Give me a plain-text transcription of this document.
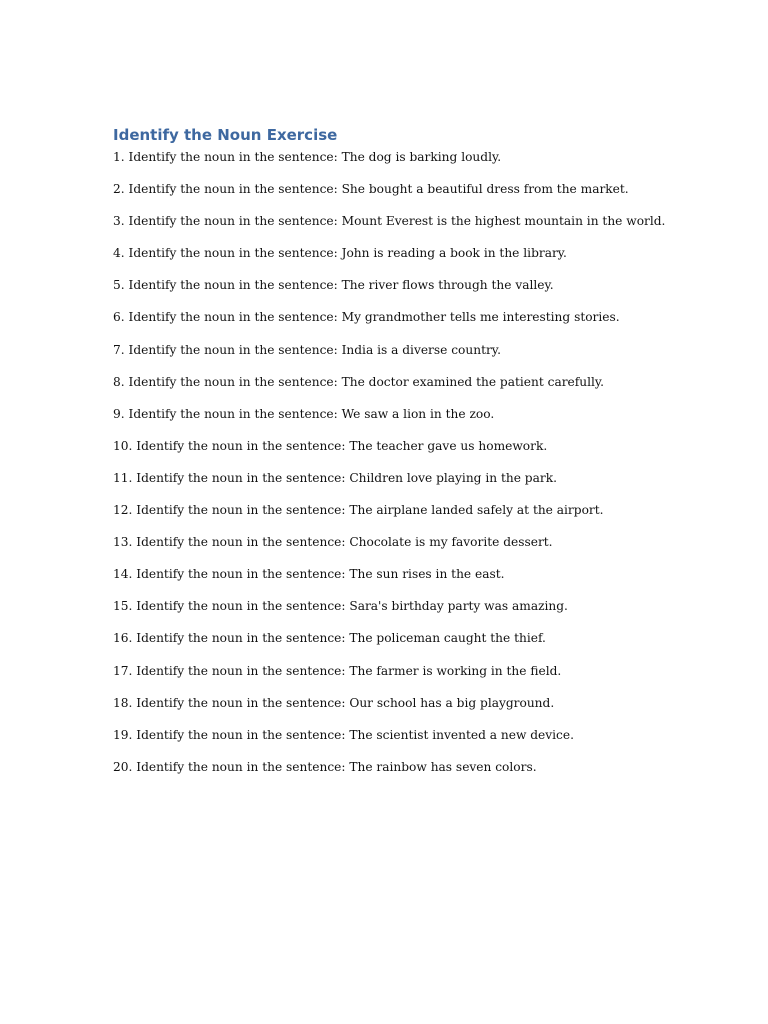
Identify the Noun Exercise
1. Identify the noun in the sentence: The dog is barking loudly.
2. Identify the noun in the sentence: She bought a beautiful dress from the market.
3. Identify the noun in the sentence: Mount Everest is the highest mountain in the world.
4. Identify the noun in the sentence: John is reading a book in the library.
5. Identify the noun in the sentence: The river flows through the valley.
6. Identify the noun in the sentence: My grandmother tells me interesting stories.
7. Identify the noun in the sentence: India is a diverse country.
8. Identify the noun in the sentence: The doctor examined the patient carefully.
9. Identify the noun in the sentence: We saw a lion in the zoo.
10. Identify the noun in the sentence: The teacher gave us homework.
11. Identify the noun in the sentence: Children love playing in the park.
12. Identify the noun in the sentence: The airplane landed safely at the airport.
13. Identify the noun in the sentence: Chocolate is my favorite dessert.
14. Identify the noun in the sentence: The sun rises in the east.
15. Identify the noun in the sentence: Sara's birthday party was amazing.
16. Identify the noun in the sentence: The policeman caught the thief.
17. Identify the noun in the sentence: The farmer is working in the field.
18. Identify the noun in the sentence: Our school has a big playground.
19. Identify the noun in the sentence: The scientist invented a new device.
20. Identify the noun in the sentence: The rainbow has seven colors.
